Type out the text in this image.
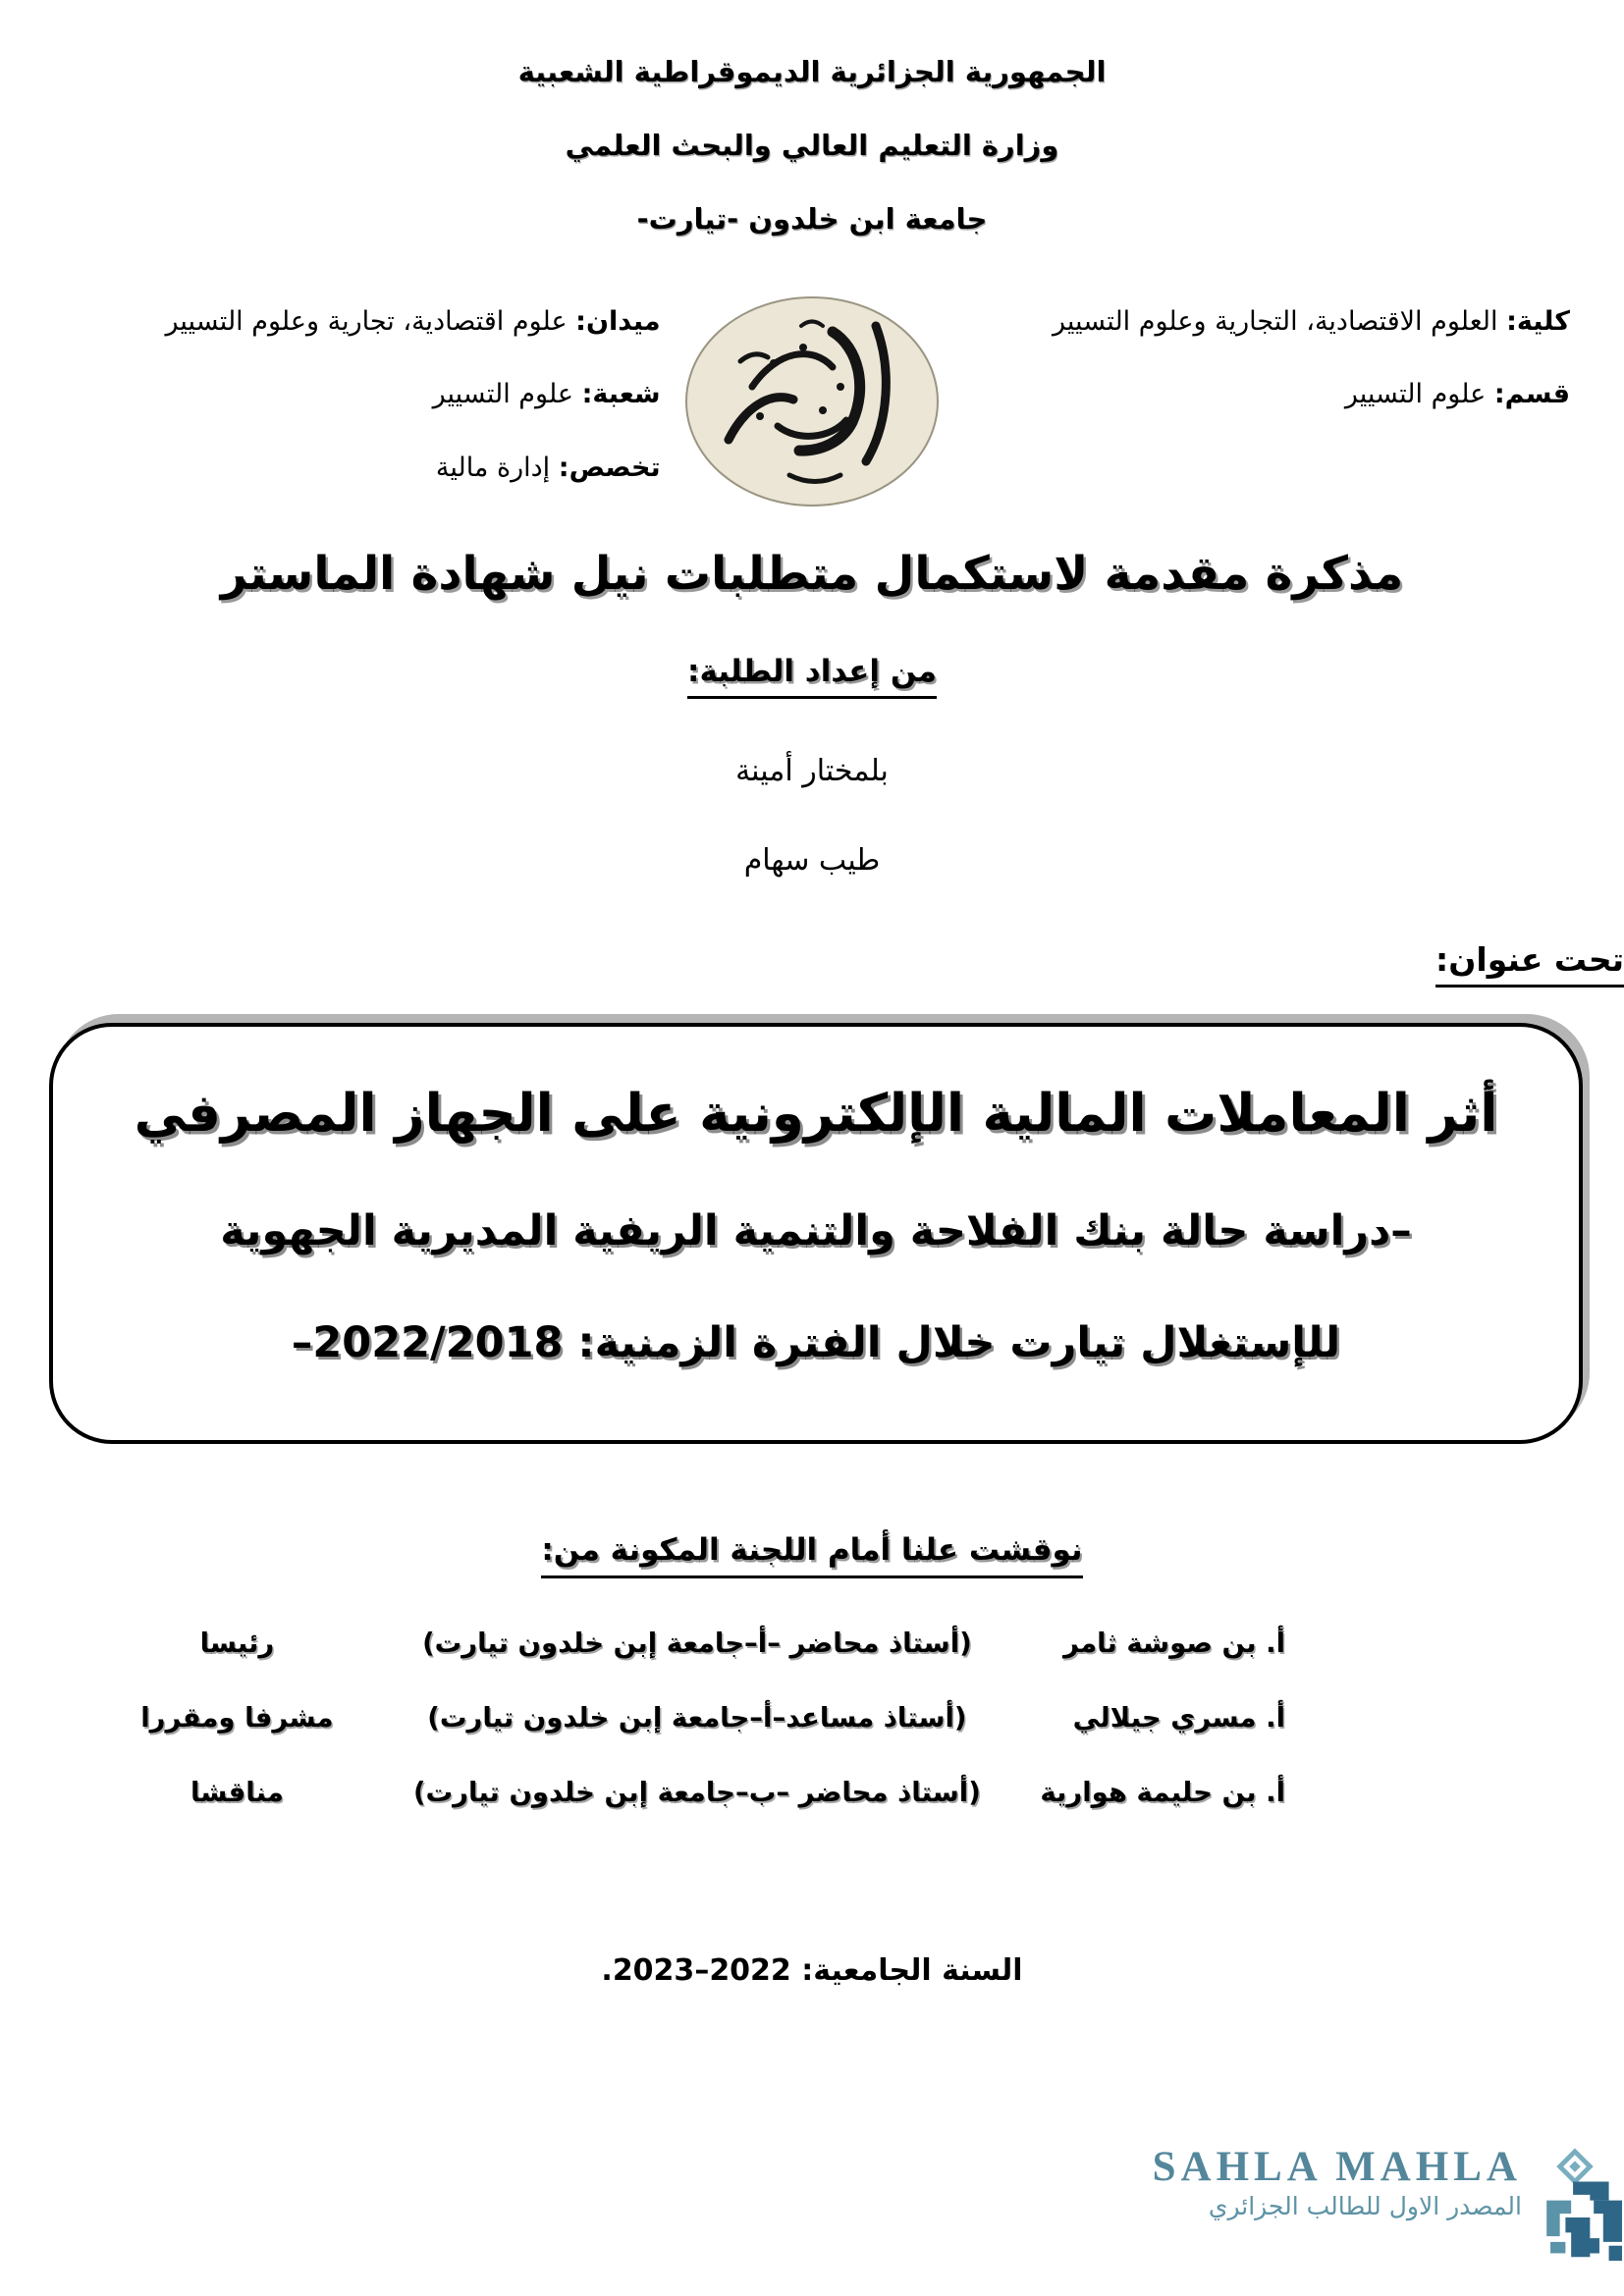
الجمهورية الجزائرية الديموقراطية الشعبية
وزارة التعليم العالي والبحث العلمي
جامعة ابن خلدون -تيارت-
كلية: العلوم الاقتصادية، التجارية وعلوم التسيير
قسم: علوم التسيير
ميدان: علوم اقتصادية، تجارية وعلوم التسيير
شعبة: علوم التسيير
تخصص: إدارة مالية
مذكرة مقدمة لاستكمال متطلبات نيل شهادة الماستر
من إعداد الطلبة:
بلمختار أمينة
طيب سهام
تحت عنوان:
أثر المعاملات المالية الإلكترونية على الجهاز المصرفي
–دراسة حالة بنك الفلاحة والتنمية الريفية المديرية الجهوية
للإستغلال تيارت خلال الفترة الزمنية: 2022/2018–
نوقشت علنا أمام اللجنة المكونة من:
أ. بن صوشة ثامر
(أستاذ محاضر –أ–جامعة إبن خلدون تيارت)
رئيسا
أ. مسري جيلالي
(أستاذ مساعد–أ–جامعة إبن خلدون تيارت)
مشرفا ومقررا
أ. بن حليمة هوارية
(أستاذ محاضر –ب–جامعة إبن خلدون تيارت)
مناقشا
السنة الجامعية: 2022–2023.
SAHLA MAHLA
المصدر الاول للطالب الجزائري
